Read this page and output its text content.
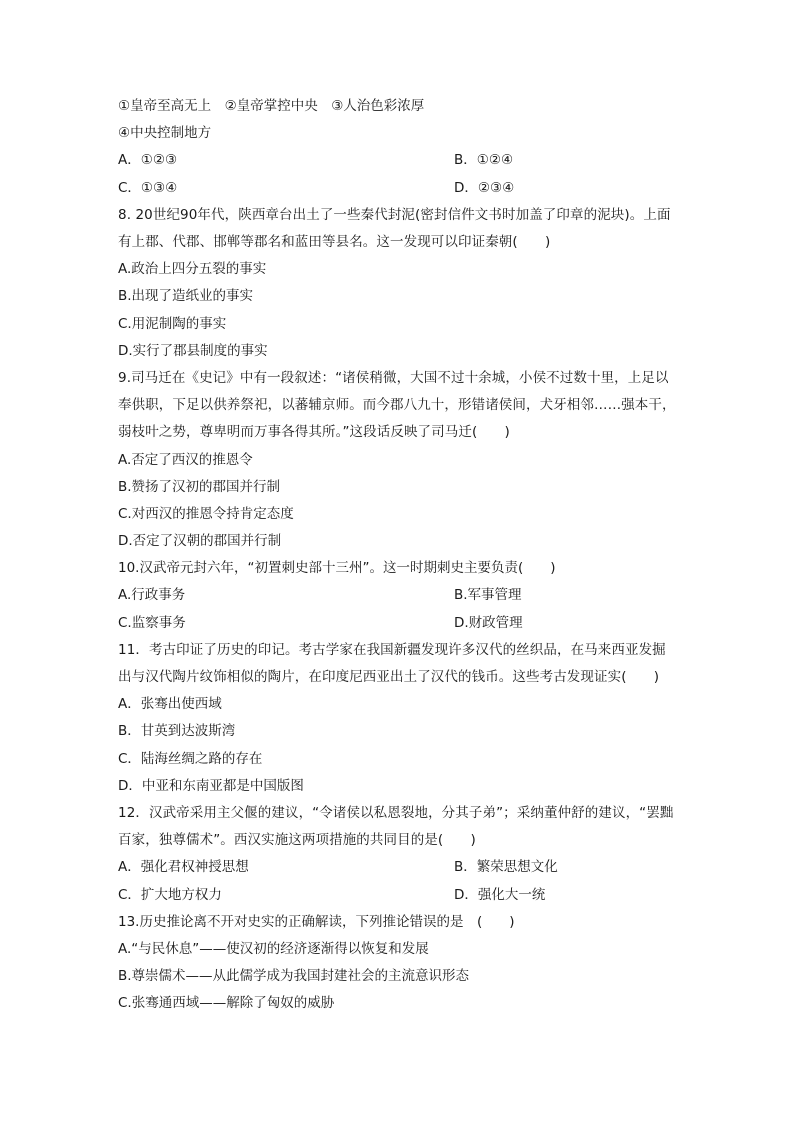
①皇帝至高无上　②皇帝掌控中央　③人治色彩浓厚
④中央控制地方
A．①②③	B．①②④
C．①③④	D．②③④
8. 20世纪90年代，陕西章台出土了一些秦代封泥(密封信件文书时加盖了印章的泥块)。上面有上郡、代郡、邯郸等郡名和蓝田等县名。这一发现可以印证秦朝(　　)
A.政治上四分五裂的事实
B.出现了造纸业的事实
C.用泥制陶的事实
D.实行了郡县制度的事实
9.司马迁在《史记》中有一段叙述：“诸侯稍微，大国不过十余城，小侯不过数十里，上足以奉供职，下足以供养祭祀，以蕃辅京师。而今郡八九十，形错诸侯间，犬牙相邻……强本干，弱枝叶之势，尊卑明而万事各得其所。”这段话反映了司马迁(　　)
A.否定了西汉的推恩令
B.赞扬了汉初的郡国并行制
C.对西汉的推恩令持肯定态度
D.否定了汉朝的郡国并行制
10.汉武帝元封六年，“初置刺史部十三州”。这一时期刺史主要负责(　　)
A.行政事务	B.军事管理
C.监察事务	D.财政管理
11．考古印证了历史的印记。考古学家在我国新疆发现许多汉代的丝织品，在马来西亚发掘出与汉代陶片纹饰相似的陶片，在印度尼西亚出土了汉代的钱币。这些考古发现证实(　　)
A．张骞出使西域
B．甘英到达波斯湾
C．陆海丝绸之路的存在
D．中亚和东南亚都是中国版图
12．汉武帝采用主父偃的建议，“令诸侯以私恩裂地，分其子弟”；采纳董仲舒的建议，“罢黜百家，独尊儒术”。西汉实施这两项措施的共同目的是(　　)
A．强化君权神授思想	B．繁荣思想文化
C．扩大地方权力	D．强化大一统
13.历史推论离不开对史实的正确解读，下列推论错误的是　(　　)
A.“与民休息”——使汉初的经济逐渐得以恢复和发展
B.尊崇儒术——从此儒学成为我国封建社会的主流意识形态
C.张骞通西域——解除了匈奴的威胁
